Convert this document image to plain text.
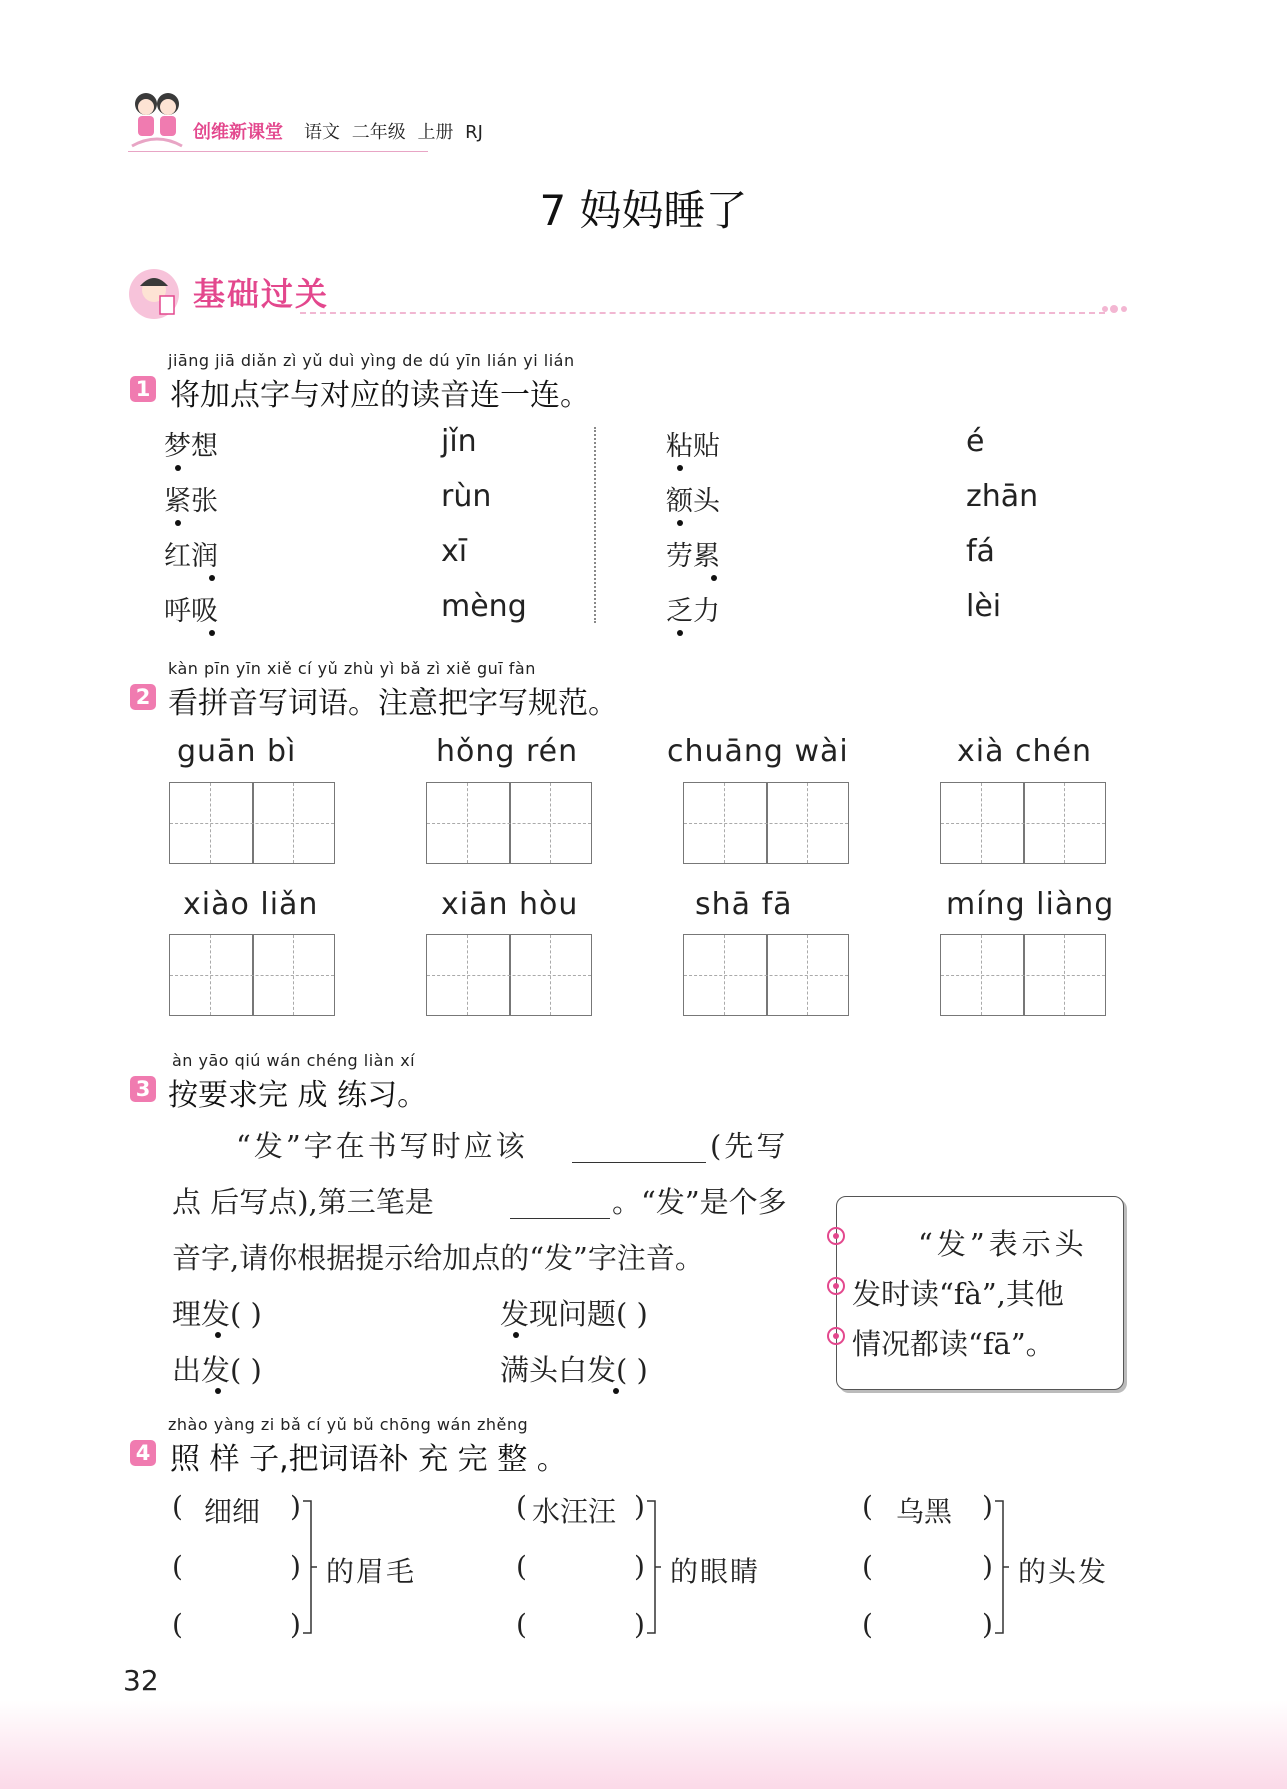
创维新课堂 语文 二年级 上册 RJ
7 妈妈睡了
基础过关
jiāng jiā diǎn zì yǔ duì yìng de dú yīn lián yi lián
1 将加点字与对应的读音连一连。
梦想
紧张
红润
呼吸
jǐn
rùn
xī
mèng
粘贴
额头
劳累
乏力
é
zhān
fá
lèi
kàn pīn yīn xiě cí yǔ zhù yì bǎ zì xiě guī fàn
2 看拼音写词语。注意把字写规范。
guān bì	hǒng rén	chuāng wài	xià chén
xiào liǎn	xiān hòu	shā fā	míng liàng
àn yāo qiú wán chéng liàn xí
3 按要求完 成 练习。
“发”字在书写时应该	(先写
点 后写点),第三笔是	。“发”是个多
音字,请你根据提示给加点的“发”字注音。
理发( )	发现问题( )
出发( )	满头白发( )
“发”表示头
发时读“fà”,其他
情况都读“fā”。
zhào yàng zi bǎ cí yǔ bǔ chōng wán zhěng
4 照 样 子,把词语补 充 完 整 。
( 细细 )
(	)
(	)
的眉毛
( 水汪汪 )
(	)
(	)
的眼睛
( 乌黑 )
(	)
(	)
的头发
32
